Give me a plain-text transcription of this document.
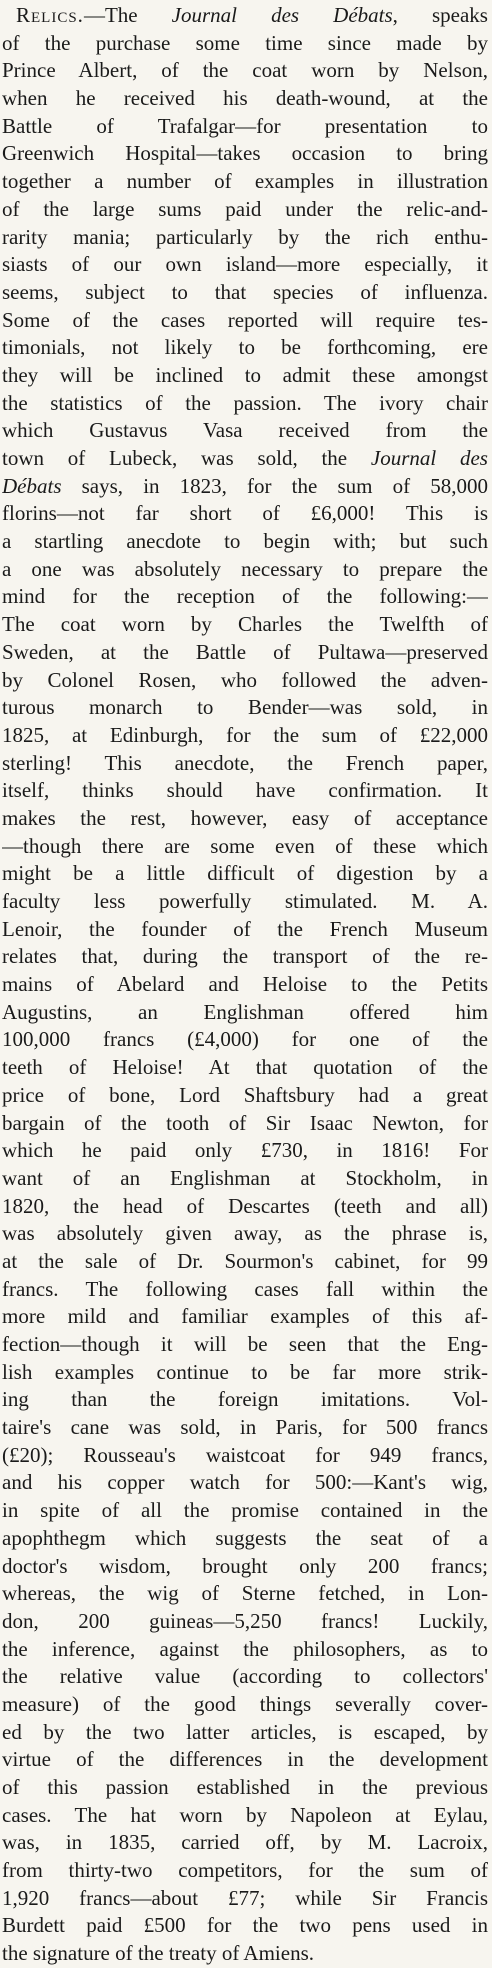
Relics.—The Journal des Débats, speaks
of the purchase some time since made by
Prince Albert, of the coat worn by Nelson,
when he received his death-wound, at the
Battle of Trafalgar—for presentation to
Greenwich Hospital—takes occasion to bring
together a number of examples in illustration
of the large sums paid under the relic-and-
rarity mania; particularly by the rich enthu-
siasts of our own island—more especially, it
seems, subject to that species of influenza.
Some of the cases reported will require tes-
timonials, not likely to be forthcoming, ere
they will be inclined to admit these amongst
the statistics of the passion. The ivory chair
which Gustavus Vasa received from the
town of Lubeck, was sold, the Journal des
Débats says, in 1823, for the sum of 58,000
florins—not far short of £6,000! This is
a startling anecdote to begin with; but such
a one was absolutely necessary to prepare the
mind for the reception of the following:—
The coat worn by Charles the Twelfth of
Sweden, at the Battle of Pultawa—preserved
by Colonel Rosen, who followed the adven-
turous monarch to Bender—was sold, in
1825, at Edinburgh, for the sum of £22,000
sterling! This anecdote, the French paper,
itself, thinks should have confirmation. It
makes the rest, however, easy of acceptance
—though there are some even of these which
might be a little difficult of digestion by a
faculty less powerfully stimulated. M. A.
Lenoir, the founder of the French Museum
relates that, during the transport of the re-
mains of Abelard and Heloise to the Petits
Augustins, an Englishman offered him
100,000 francs (£4,000) for one of the
teeth of Heloise! At that quotation of the
price of bone, Lord Shaftsbury had a great
bargain of the tooth of Sir Isaac Newton, for
which he paid only £730, in 1816! For
want of an Englishman at Stockholm, in
1820, the head of Descartes (teeth and all)
was absolutely given away, as the phrase is,
at the sale of Dr. Sourmon's cabinet, for 99
francs. The following cases fall within the
more mild and familiar examples of this af-
fection—though it will be seen that the Eng-
lish examples continue to be far more strik-
ing than the foreign imitations. Vol-
taire's cane was sold, in Paris, for 500 francs
(£20); Rousseau's waistcoat for 949 francs,
and his copper watch for 500:—Kant's wig,
in spite of all the promise contained in the
apophthegm which suggests the seat of a
doctor's wisdom, brought only 200 francs;
whereas, the wig of Sterne fetched, in Lon-
don, 200 guineas—5,250 francs! Luckily,
the inference, against the philosophers, as to
the relative value (according to collectors'
measure) of the good things severally cover-
ed by the two latter articles, is escaped, by
virtue of the differences in the development
of this passion established in the previous
cases. The hat worn by Napoleon at Eylau,
was, in 1835, carried off, by M. Lacroix,
from thirty-two competitors, for the sum of
1,920 francs—about £77; while Sir Francis
Burdett paid £500 for the two pens used in
the signature of the treaty of Amiens.
